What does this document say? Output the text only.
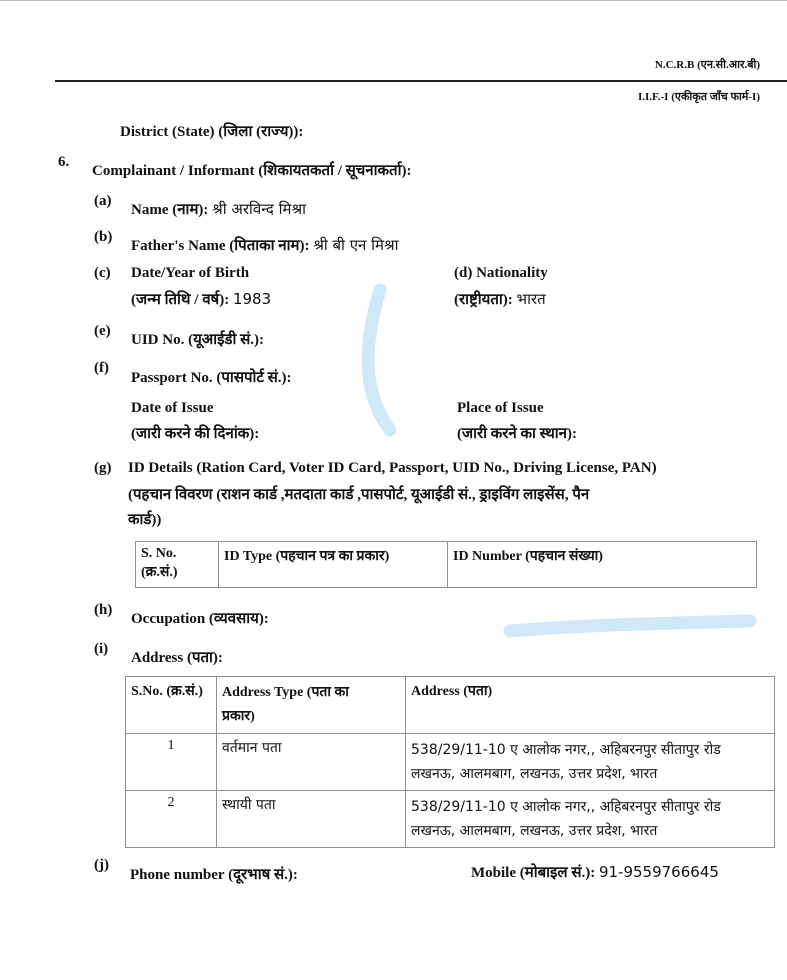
N.C.R.B (एन.सी.आर.बी)
I.I.F.-I (एकीकृत जाँच फार्म-I)
District (State) (जिला (राज्य)):
6.
Complainant / Informant (शिकायतकर्ता / सूचनाकर्ता):
(a)
Name (नाम): श्री अरविन्द मिश्रा
(b)
Father's Name (पिताका नाम): श्री बी एन मिश्रा
(c) Date/Year of Birth
(जन्म तिथि / वर्ष): 1983
(d) Nationality
(राष्ट्रीयता): भारत
(e)
UID No. (यूआईडी सं.):
(f)
Passport No. (पासपोर्ट सं.):
Date of Issue
(जारी करने की दिनांक):
Place of Issue
(जारी करने का स्थान):
(g) ID Details (Ration Card, Voter ID Card, Passport, UID No., Driving License, PAN)
(पहचान विवरण (राशन कार्ड ,मतदाता कार्ड ,पासपोर्ट, यूआईडी सं., ड्राइविंग लाइसेंस, पैन
कार्ड))
S. No.
(क्र.सं.)
	ID Type (पहचान पत्र का प्रकार)	ID Number (पहचान संख्या)
(h)
Occupation (व्यवसाय):
(i)
Address (पता):
S.No. (क्र.सं.)	Address Type (पता का
प्रकार)	Address (पता)
1	वर्तमान पता	538/29/11-10 ए आलोक नगर,, अहिबरनपुर सीतापुर रोड
लखनऊ, आलमबाग, लखनऊ, उत्तर प्रदेश, भारत

2	स्थायी पता	538/29/11-10 ए आलोक नगर,, अहिबरनपुर सीतापुर रोड
लखनऊ, आलमबाग, लखनऊ, उत्तर प्रदेश, भारत
(j)
Phone number (दूरभाष सं.):	Mobile (मोबाइल सं.): 91-9559766645
